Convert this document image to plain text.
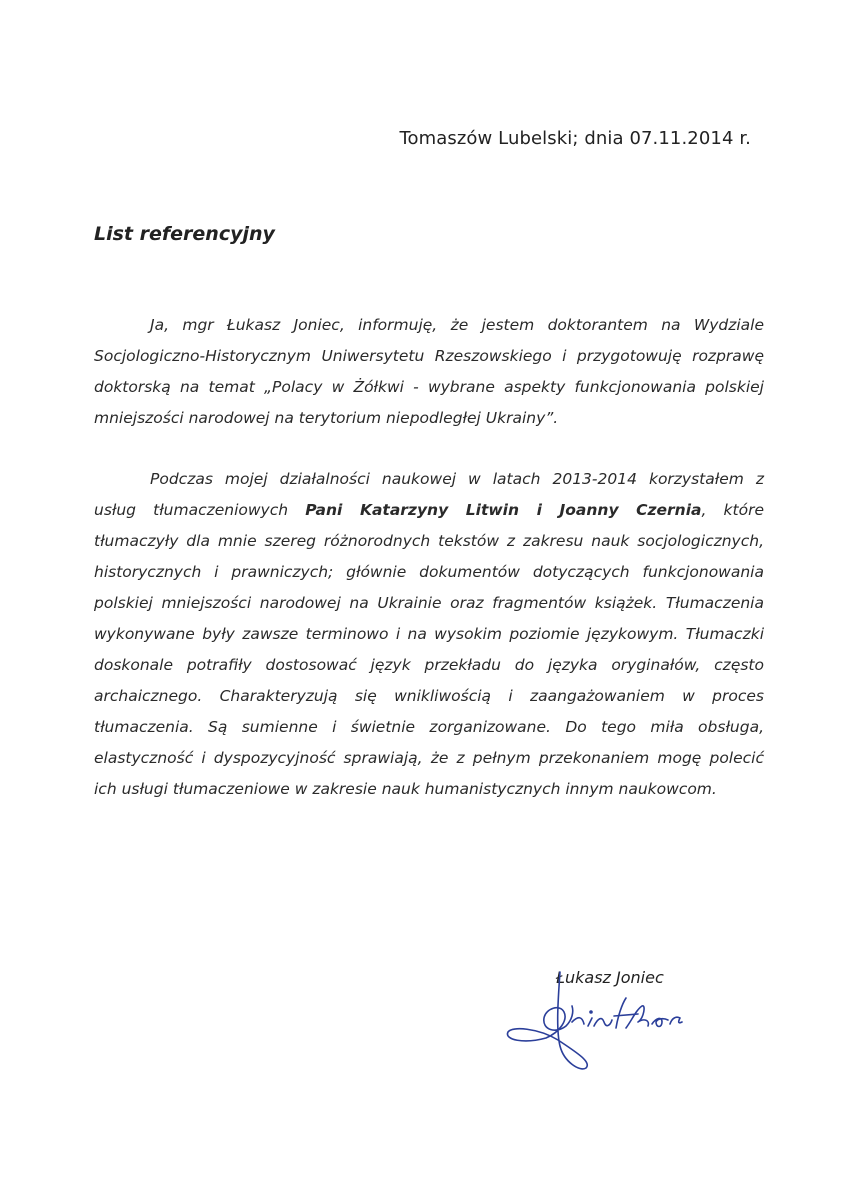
Tomaszów Lubelski; dnia 07.11.2014 r.
List referencyjny
Ja, mgr Łukasz Joniec, informuję, że jestem doktorantem na Wydziale
Socjologiczno-Historycznym Uniwersytetu Rzeszowskiego i przygotowuję rozprawę
doktorską na temat „Polacy w Żółkwi - wybrane aspekty funkcjonowania polskiej
mniejszości narodowej na terytorium niepodległej Ukrainy”.
Podczas mojej działalności naukowej w latach 2013-2014 korzystałem z
usług tłumaczeniowych Pani Katarzyny Litwin i Joanny Czernia, które
tłumaczyły dla mnie szereg różnorodnych tekstów z zakresu nauk socjologicznych,
historycznych i prawniczych; głównie dokumentów dotyczących funkcjonowania
polskiej mniejszości narodowej na Ukrainie oraz fragmentów książek. Tłumaczenia
wykonywane były zawsze terminowo i na wysokim poziomie językowym. Tłumaczki
doskonale potrafiły dostosować język przekładu do języka oryginałów, często
archaicznego. Charakteryzują się wnikliwością i zaangażowaniem w proces
tłumaczenia. Są sumienne i świetnie zorganizowane. Do tego miła obsługa,
elastyczność i dyspozycyjność sprawiają, że z pełnym przekonaniem mogę polecić
ich usługi tłumaczeniowe w zakresie nauk humanistycznych innym naukowcom.
Łukasz Joniec
